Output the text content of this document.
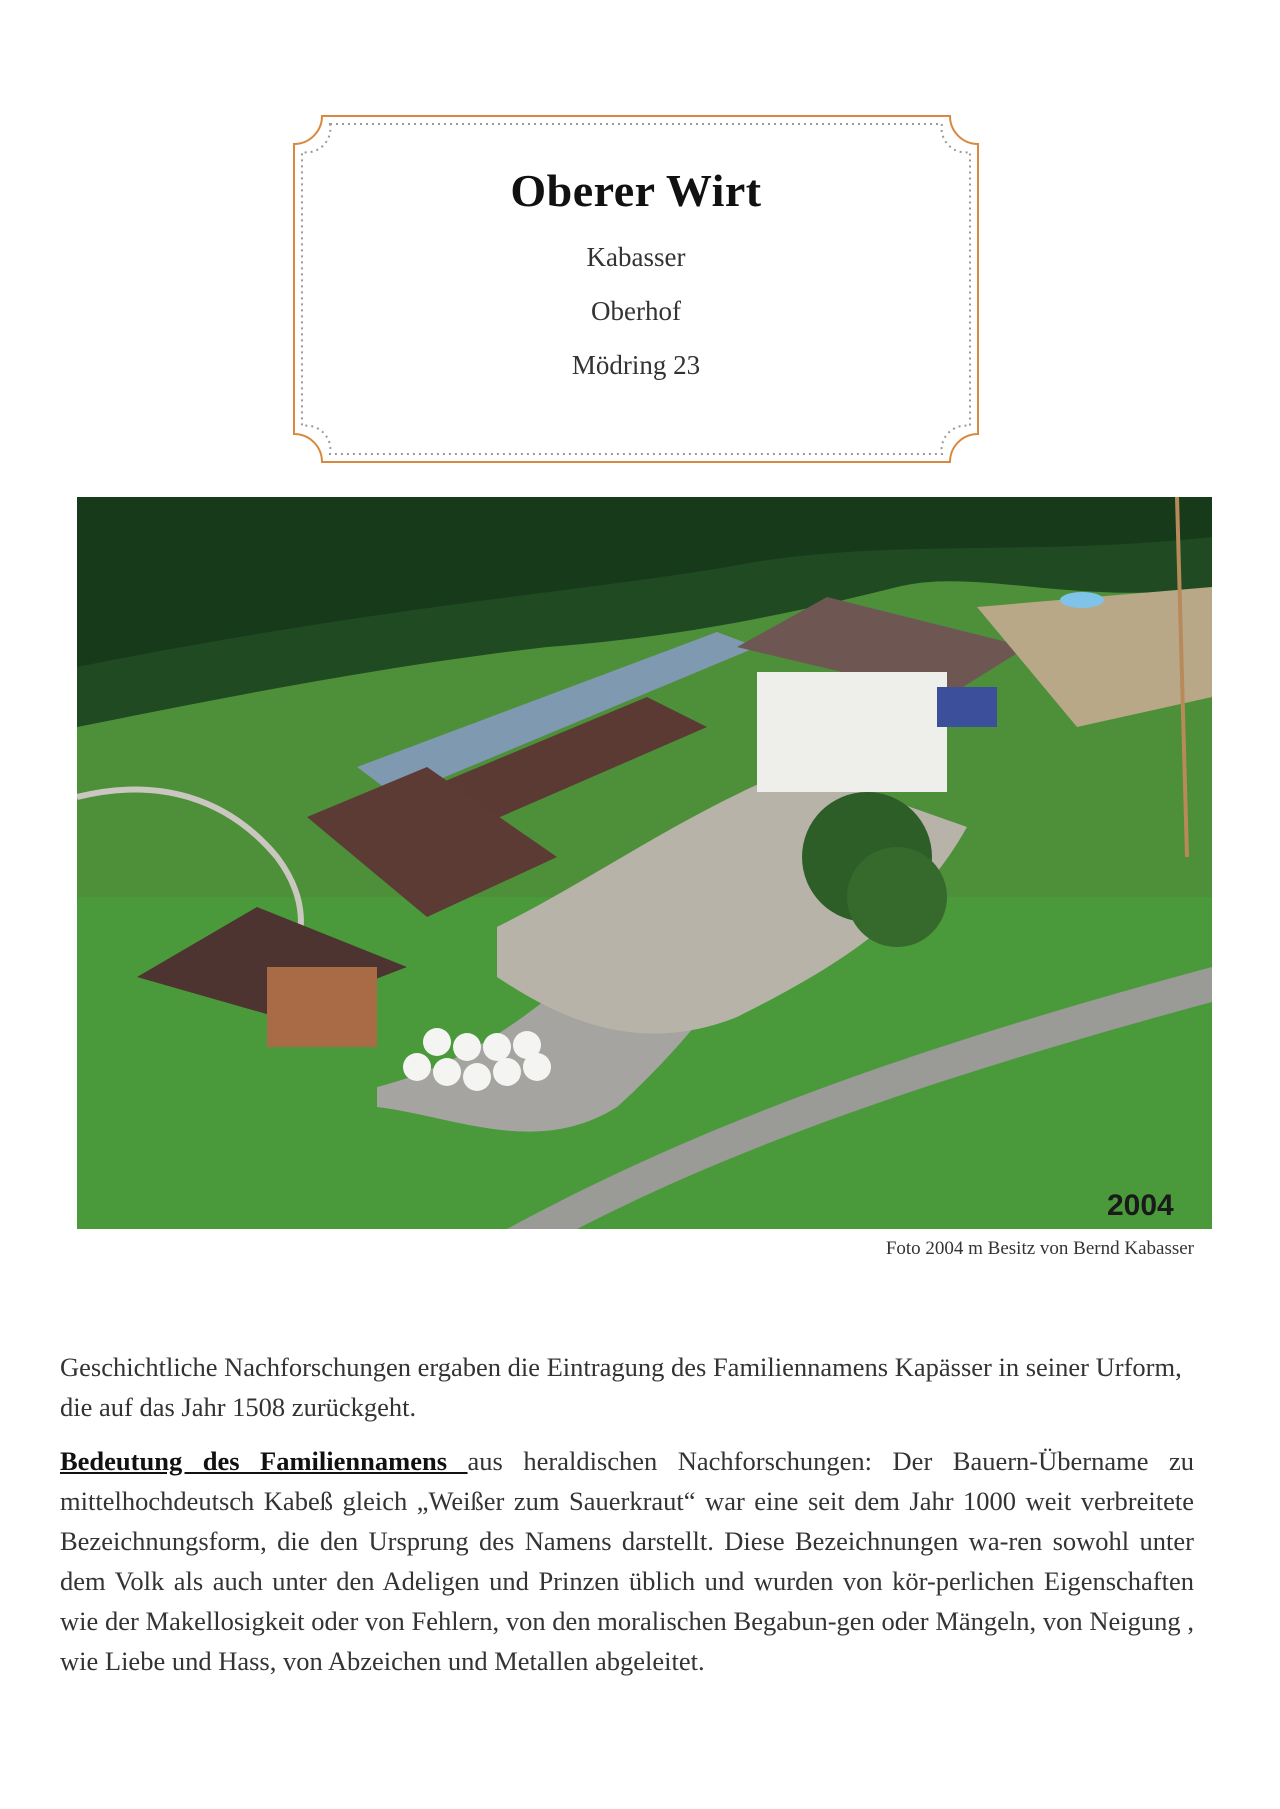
Oberer Wirt
Kabasser
Oberhof
Mödring 23
2004
Foto 2004 m Besitz von Bernd Kabasser

Geschichtliche Nachforschungen ergaben die Eintragung des Familiennamens Kapässer in seiner Urform, die auf das Jahr 1508 zurückgeht.

Bedeutung des Familiennamens aus heraldischen Nachforschungen: Der Bauern-Übername zu mittelhochdeutsch Kabeß gleich „Weißer zum Sauerkraut“ war eine seit dem Jahr 1000 weit verbreitete Bezeichnungsform, die den Ursprung des Namens darstellt. Diese Bezeichnungen wa-ren sowohl unter dem Volk als auch unter den Adeligen und Prinzen üblich und wurden von kör-perlichen Eigenschaften wie der Makellosigkeit oder von Fehlern, von den moralischen Begabun-gen oder Mängeln, von Neigung , wie Liebe und Hass, von Abzeichen und Metallen abgeleitet.
